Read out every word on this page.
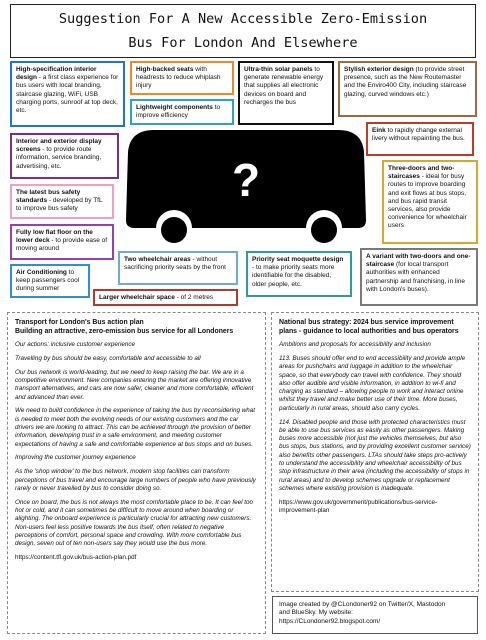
Suggestion For A New Accessible Zero-Emission
Bus For London And Elsewhere
High-specification interior design - a first class experience for bus users with local branding, staircase glazing, WiFi, USB charging ports, sunroof at top deck, etc.
High-backed seats with headrests to reduce whiplash injury
Lightweight components to improve efficiency
Ultra-thin solar panels to generate renewable energy that supplies all electronic devices on board and recharges the bus
Stylish exterior design (to provide street presence, such as the New Routemaster and the Enviro400 City, including staircase glazing, curved windows etc.)
Eink to rapidly change external livery without repainting the bus.
Interior and exterior display screens - to provide route information, service branding, advertising, etc.
The latest bus safety standards - developed by TfL to improve bus safety
Fully low flat floor on the lower deck - to provide ease of moving around
Air Conditioning to keep passengers cool during summer
Two wheelchair areas - without sacrificing priority seats by the front
Larger wheelchair space - of 2 metres
Priority seat moquette design - to make priority seats more identifiable for the disabled, older people, etc.
Three-doors and two-staircases - ideal for busy routes to improve boarding and exit flows at bus stops, and bus rapid transit services, also provide convenience for wheelchair users
A variant with two-doors and one-staircase (for local transport authorities with enhanced partnership and franchising, in line with London's buses).
?
Transport for London's Bus action plan
Building an attractive, zero-emission bus service for all Londoners

Our actions: inclusive customer experience

Travelling by bus should be easy, comfortable and accessible to all

Our bus network is world-leading, but we need to keep raising the bar. We are in a competitive environment. New companies entering the market are offering innovative transport alternatives, and cars are now safer, cleaner and more comfortable, efficient and advanced than ever.

We need to build confidence in the experience of taking the bus by reconsidering what is needed to meet both the evolving needs of our existing customers and the car drivers we are looking to attract. This can be achieved through the provision of better information, developing trust in a safe environment, and meeting customer expectations of having a safe and comfortable experience at bus stops and on buses.

Improving the customer journey experience

As the 'shop window' to the bus network, modern stop facilities can transform perceptions of bus travel and encourage large numbers of people who have previously rarely or never travelled by bus to consider doing so.

Once on board, the bus is not always the most comfortable place to be. It can feel too hot or cold, and it can sometimes be difficult to move around when boarding or alighting. The onboard experience is particularly crucial for attracting new customers. Non-users feel less positive towards the bus itself, often related to negative perceptions of comfort, personal space and crowding. With more comfortable bus design, seven out of ten non-users say they would use the bus more.

https://content.tfl.gov.uk/bus-action-plan.pdf

National bus strategy: 2024 bus service improvement
plans - guidance to local authorities and bus operators

Ambitions and proposals for accessibility and inclusion

113. Buses should offer end to end accessibility and provide ample areas for pushchairs and luggage in addition to the wheelchair space, so that everybody can travel with confidence. They should also offer audible and visible information, in addition to wi-fi and charging as standard – allowing people to work and interact online whilst they travel and make better use of their time. More buses, particularly in rural areas, should also carry cycles.

114. Disabled people and those with protected characteristics must be able to use bus services as easily as other passengers. Making buses more accessible (not just the vehicles themselves, but also bus stops, bus stations, and by providing excellent customer service) also benefits other passengers. LTAs should take steps pro-actively to understand the accessibility and wheelchair accessibility of bus stop infrastructure in their area (including the accessibility of stops in rural areas) and to develop schemes upgrade or replacement schemes where existing provision is inadequate.

https://www.gov.uk/government/publications/bus-service-improvement-plan

Image created by @CLondoner92 on Twitter/X, Mastodon
and BlueSky. My website:
https://CLondoner92.blogspot.com/
